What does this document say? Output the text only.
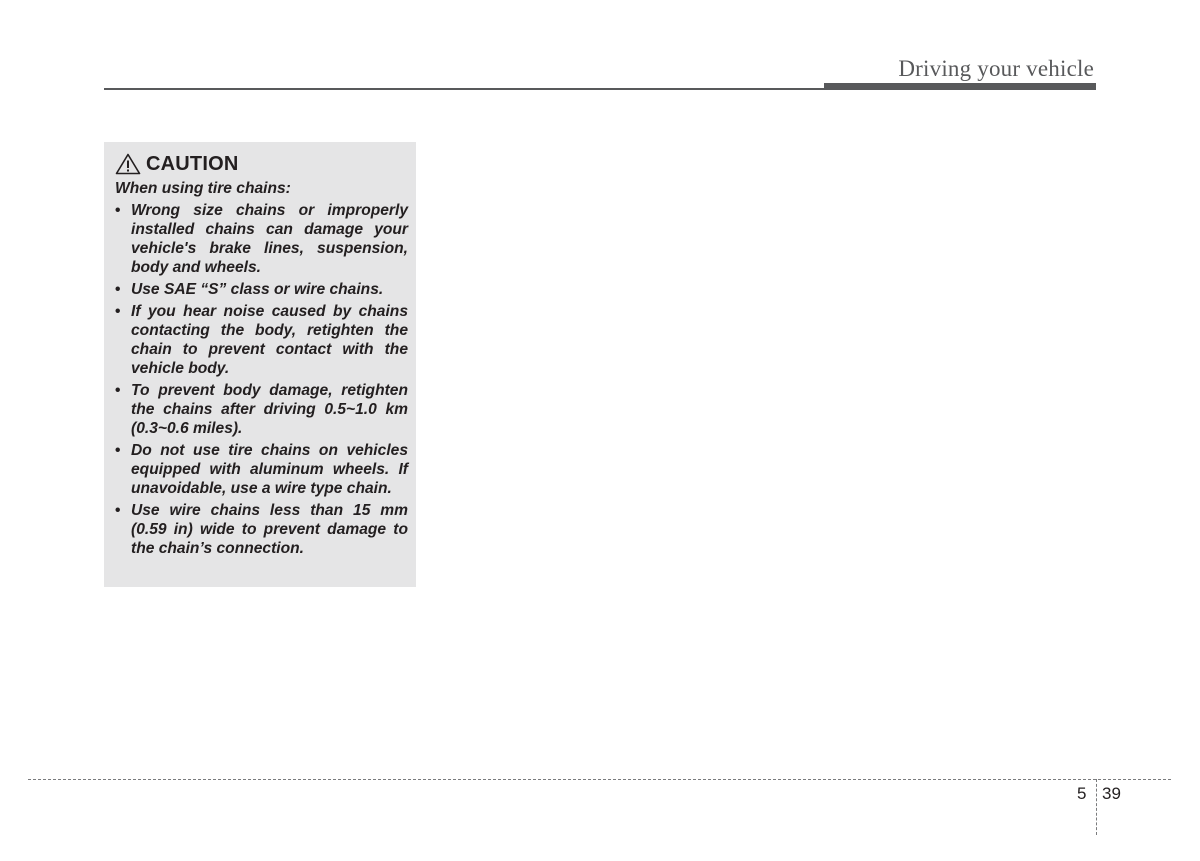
Driving your vehicle
CAUTION
When using tire chains:
• Wrong size chains or improperly installed chains can damage your vehicle's brake lines, suspension, body and wheels.
• Use SAE “S” class or wire chains.
• If you hear noise caused by chains contacting the body, retighten the chain to prevent contact with the vehicle body.
• To prevent body damage, retighten the chains after driving 0.5~1.0 km (0.3~0.6 miles).
• Do not use tire chains on vehicles equipped with aluminum wheels. If unavoidable, use a wire type chain.
• Use wire chains less than 15 mm (0.59 in) wide to prevent damage to the chain’s connection.
5 39
